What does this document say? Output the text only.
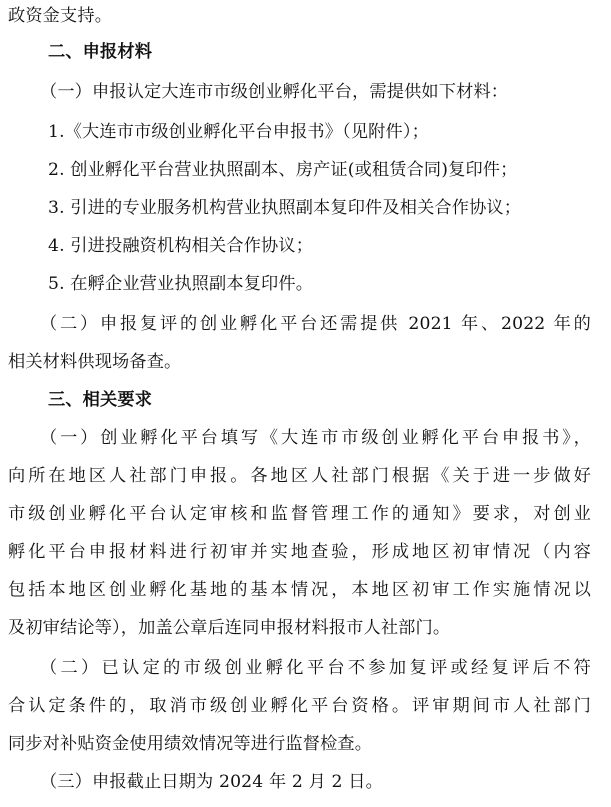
政资金支持。
二、申报材料
（一）申报认定大连市市级创业孵化平台，需提供如下材料：
1.《大连市市级创业孵化平台申报书》（见附件）；
2. 创业孵化平台营业执照副本、房产证(或租赁合同)复印件；
3. 引进的专业服务机构营业执照副本复印件及相关合作协议；
4. 引进投融资机构相关合作协议；
5. 在孵企业营业执照副本复印件。
（二）申报复评的创业孵化平台还需提供 2021 年、2022 年的
相关材料供现场备查。
三、相关要求
（一）创业孵化平台填写《大连市市级创业孵化平台申报书》，
向所在地区人社部门申报。各地区人社部门根据《关于进一步做好
市级创业孵化平台认定审核和监督管理工作的通知》要求，对创业
孵化平台申报材料进行初审并实地查验，形成地区初审情况（内容
包括本地区创业孵化基地的基本情况，本地区初审工作实施情况以
及初审结论等），加盖公章后连同申报材料报市人社部门。
（二）已认定的市级创业孵化平台不参加复评或经复评后不符
合认定条件的，取消市级创业孵化平台资格。评审期间市人社部门
同步对补贴资金使用绩效情况等进行监督检查。
（三）申报截止日期为 2024 年 2 月 2 日。
